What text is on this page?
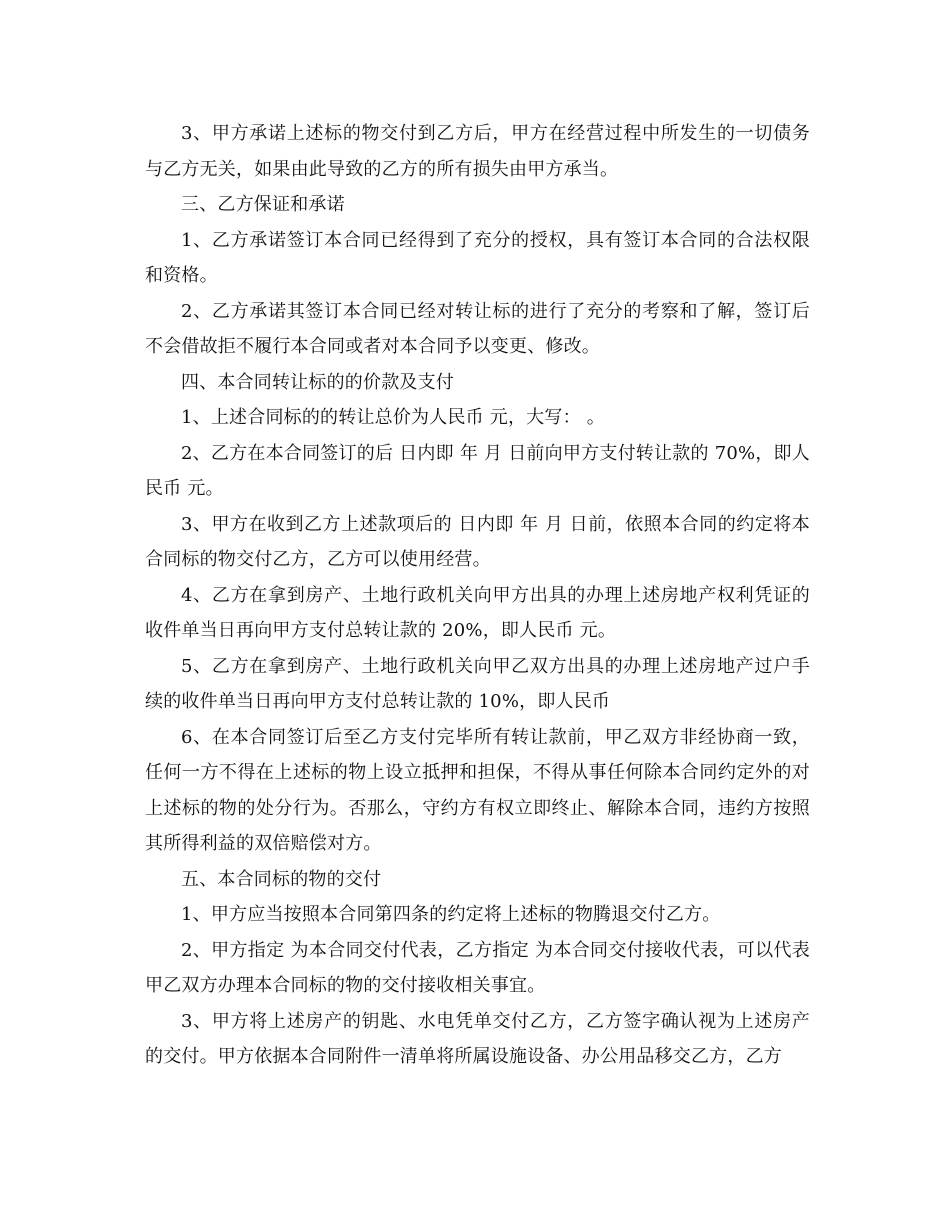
3、甲方承诺上述标的物交付到乙方后，甲方在经营过程中所发生的一切债务与乙方无关，如果由此导致的乙方的所有损失由甲方承当。

三、乙方保证和承诺

1、乙方承诺签订本合同已经得到了充分的授权，具有签订本合同的合法权限和资格。

2、乙方承诺其签订本合同已经对转让标的进行了充分的考察和了解，签订后不会借故拒不履行本合同或者对本合同予以变更、修改。

四、本合同转让标的的价款及支付

1、上述合同标的的转让总价为人民币 元，大写： 。

2、乙方在本合同签订的后 日内即 年 月 日前向甲方支付转让款的 70%，即人民币 元。

3、甲方在收到乙方上述款项后的 日内即 年 月 日前，依照本合同的约定将本合同标的物交付乙方，乙方可以使用经营。

4、乙方在拿到房产、土地行政机关向甲方出具的办理上述房地产权利凭证的收件单当日再向甲方支付总转让款的 20%，即人民币 元。

5、乙方在拿到房产、土地行政机关向甲乙双方出具的办理上述房地产过户手续的收件单当日再向甲方支付总转让款的 10%，即人民币

6、在本合同签订后至乙方支付完毕所有转让款前，甲乙双方非经协商一致，任何一方不得在上述标的物上设立抵押和担保，不得从事任何除本合同约定外的对上述标的物的处分行为。否那么，守约方有权立即终止、解除本合同，违约方按照其所得利益的双倍赔偿对方。

五、本合同标的物的交付

1、甲方应当按照本合同第四条的约定将上述标的物腾退交付乙方。

2、甲方指定 为本合同交付代表，乙方指定 为本合同交付接收代表，可以代表甲乙双方办理本合同标的物的交付接收相关事宜。

3、甲方将上述房产的钥匙、水电凭单交付乙方，乙方签字确认视为上述房产的交付。甲方依据本合同附件一清单将所属设施设备、办公用品移交乙方，乙方
